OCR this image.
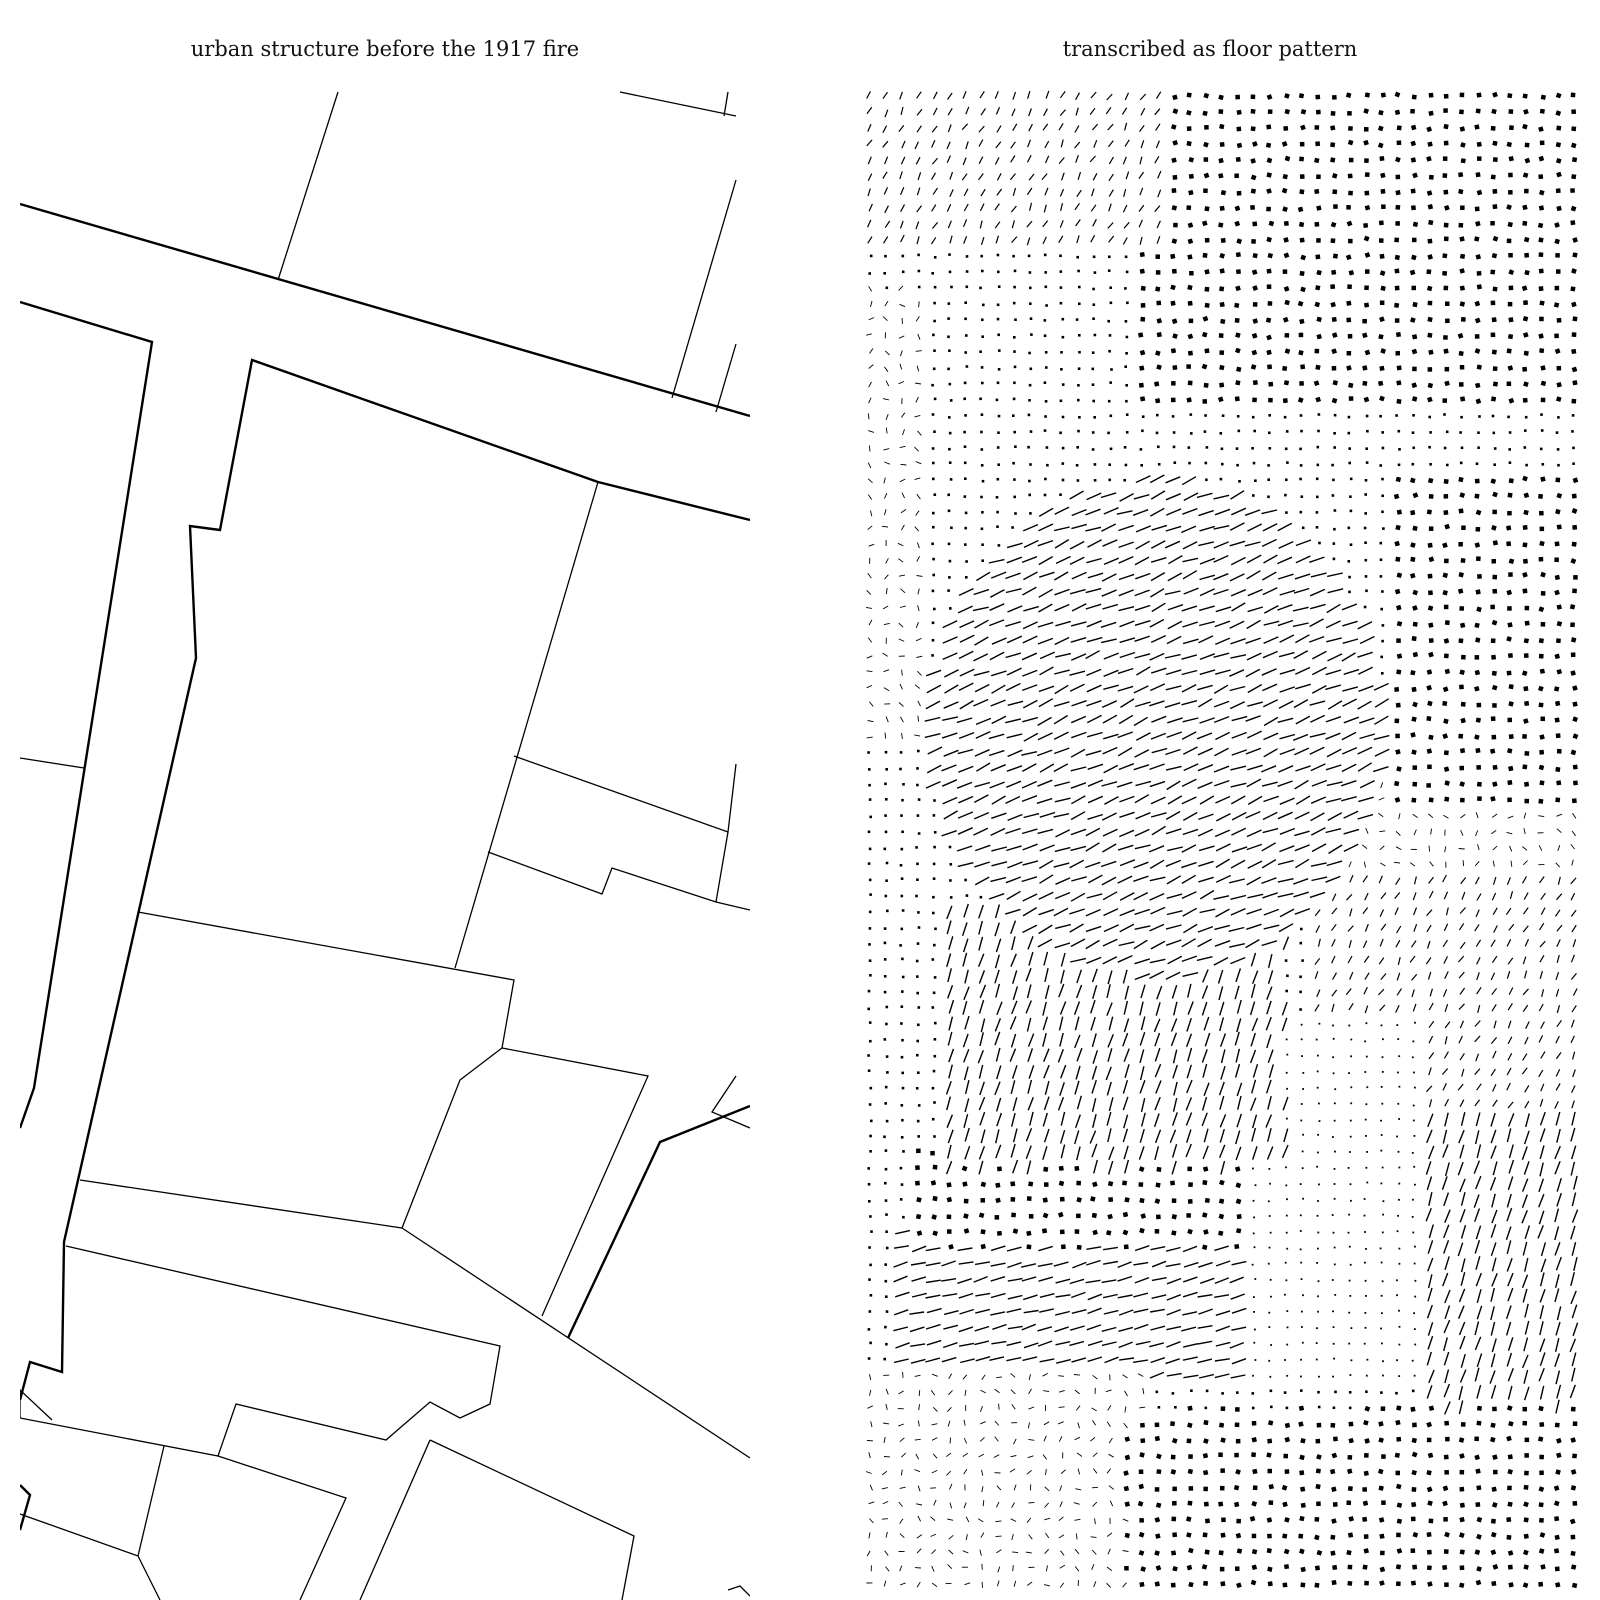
urban structure before the 1917 fire	transcribed as floor pattern
